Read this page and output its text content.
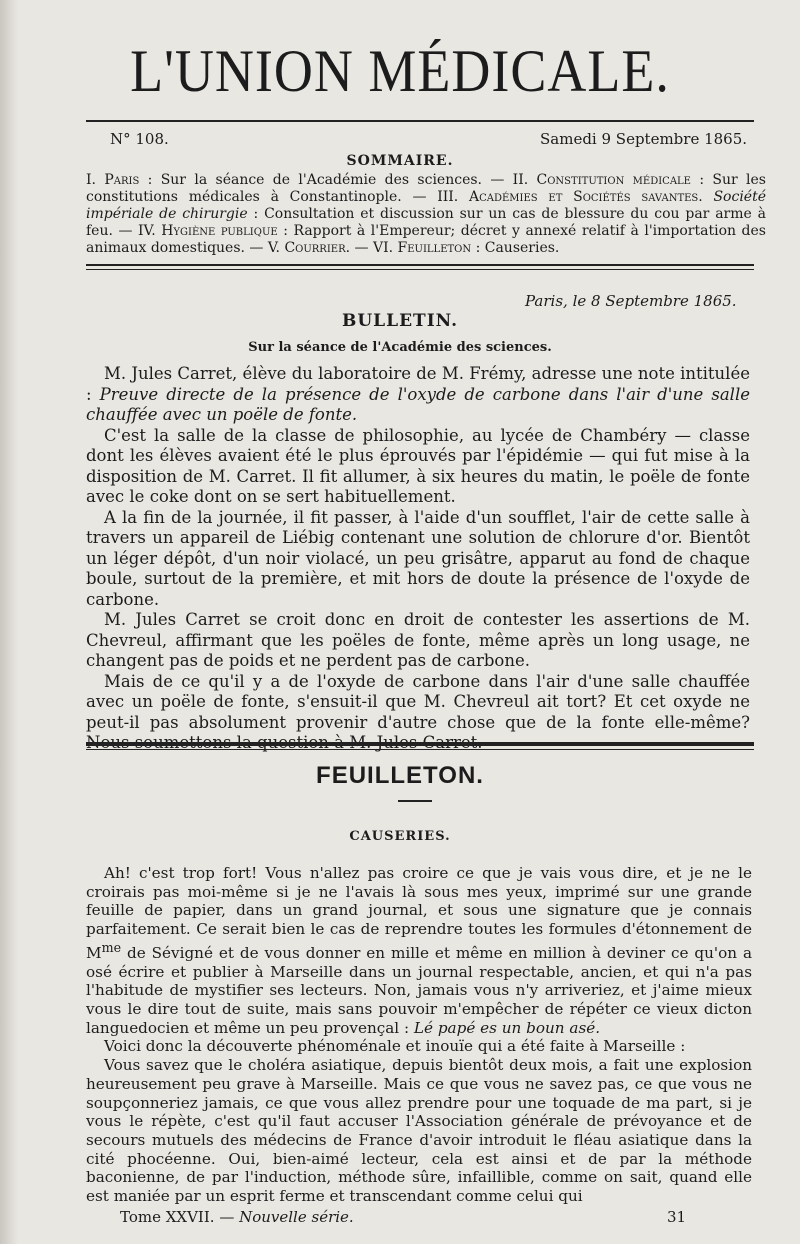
L'UNION MÉDICALE.
N° 108.	Samedi 9 Septembre 1865.
SOMMAIRE.
I. Paris : Sur la séance de l'Académie des sciences. — II. Constitution médicale : Sur les constitutions médicales à Constantinople. — III. Académies et Sociétés savantes. Société impériale de chirurgie : Consultation et discussion sur un cas de blessure du cou par arme à feu. — IV. Hygiène publique : Rapport à l'Empereur; décret y annexé relatif à l'importation des animaux domestiques. — V. Courrier. — VI. Feuilleton : Causeries.
Paris, le 8 Septembre 1865.
BULLETIN.
Sur la séance de l'Académie des sciences.

M. Jules Carret, élève du laboratoire de M. Frémy, adresse une note intitulée : Preuve directe de la présence de l'oxyde de carbone dans l'air d'une salle chauffée avec un poële de fonte.

C'est la salle de la classe de philosophie, au lycée de Chambéry — classe dont les élèves avaient été le plus éprouvés par l'épidémie — qui fut mise à la disposition de M. Carret. Il fit allumer, à six heures du matin, le poële de fonte avec le coke dont on se sert habituellement.

A la fin de la journée, il fit passer, à l'aide d'un soufflet, l'air de cette salle à travers un appareil de Liébig contenant une solution de chlorure d'or. Bientôt un léger dépôt, d'un noir violacé, un peu grisâtre, apparut au fond de chaque boule, surtout de la première, et mit hors de doute la présence de l'oxyde de carbone.

M. Jules Carret se croit donc en droit de contester les assertions de M. Chevreul, affirmant que les poëles de fonte, même après un long usage, ne changent pas de poids et ne perdent pas de carbone.

Mais de ce qu'il y a de l'oxyde de carbone dans l'air d'une salle chauffée avec un poële de fonte, s'ensuit-il que M. Chevreul ait tort? Et cet oxyde ne peut-il pas absolument provenir d'autre chose que de la fonte elle-même? Nous soumettons la question à M. Jules Carret.

FEUILLETON.
CAUSERIES.

Ah! c'est trop fort! Vous n'allez pas croire ce que je vais vous dire, et je ne le croirais pas moi-même si je ne l'avais là sous mes yeux, imprimé sur une grande feuille de papier, dans un grand journal, et sous une signature que je connais parfaitement. Ce serait bien le cas de reprendre toutes les formules d'étonnement de $M^{me}$ de Sévigné et de vous donner en mille et même en million à deviner ce qu'on a osé écrire et publier à Marseille dans un journal respectable, ancien, et qui n'a pas l'habitude de mystifier ses lecteurs. Non, jamais vous n'y arriveriez, et j'aime mieux vous le dire tout de suite, mais sans pouvoir m'empêcher de répéter ce vieux dicton languedocien et même un peu provençal : Lé papé es un boun asé.

Voici donc la découverte phénoménale et inouïe qui a été faite à Marseille :

Vous savez que le choléra asiatique, depuis bientôt deux mois, a fait une explosion heureusement peu grave à Marseille. Mais ce que vous ne savez pas, ce que vous ne soupçonneriez jamais, ce que vous allez prendre pour une toquade de ma part, si je vous le répète, c'est qu'il faut accuser l'Association générale de prévoyance et de secours mutuels des médecins de France d'avoir introduit le fléau asiatique dans la cité phocéenne. Oui, bien-aimé lecteur, cela est ainsi et de par la méthode baconienne, de par l'induction, méthode sûre, infaillible, comme on sait, quand elle est maniée par un esprit ferme et transcendant comme celui qui

Tome XXVII. — Nouvelle série.	31
